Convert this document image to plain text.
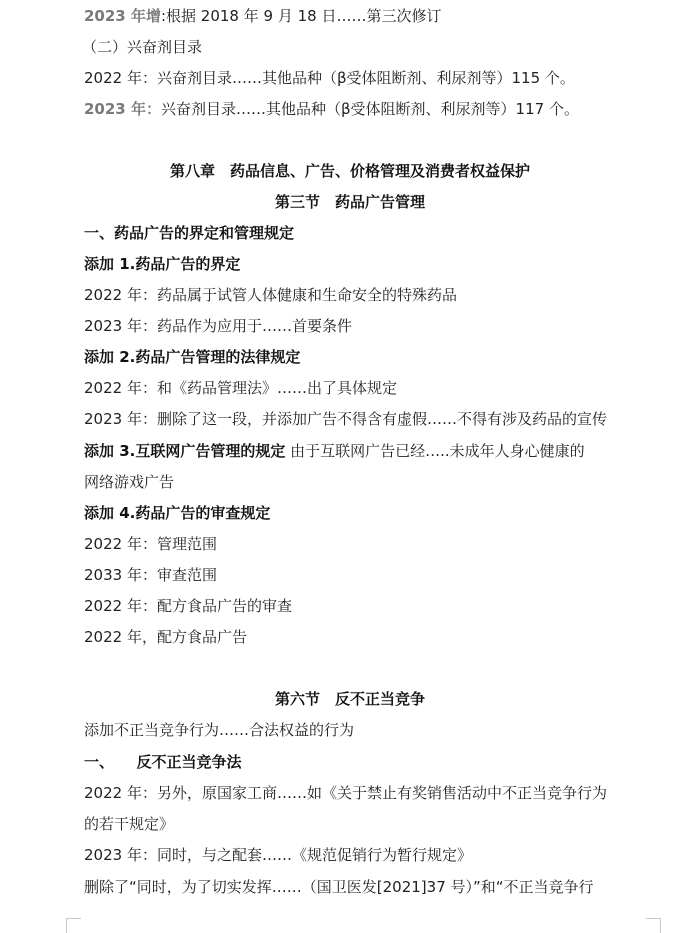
2023 年增:根据 2018 年 9 月 18 日……第三次修订
（二）兴奋剂目录
2022 年：兴奋剂目录……其他品种（β受体阻断剂、利尿剂等）115 个。
2023 年：兴奋剂目录……其他品种（β受体阻断剂、利尿剂等）117 个。
第八章　药品信息、广告、价格管理及消费者权益保护
第三节　药品广告管理
一、药品广告的界定和管理规定
添加 1.药品广告的界定
2022 年：药品属于试管人体健康和生命安全的特殊药品
2023 年：药品作为应用于……首要条件
添加 2.药品广告管理的法律规定
2022 年：和《药品管理法》……出了具体规定
2023 年：删除了这一段，并添加广告不得含有虚假……不得有涉及药品的宣传
添加 3.互联网广告管理的规定 由于互联网广告已经…..未成年人身心健康的
网络游戏广告
添加 4.药品广告的审查规定
2022 年：管理范围
2033 年：审查范围
2022 年：配方食品广告的审查
2022 年，配方食品广告
第六节　反不正当竞争
添加不正当竞争行为……合法权益的行为
一、　　反不正当竞争法
2022 年：另外，原国家工商……如《关于禁止有奖销售活动中不正当竞争行为
的若干规定》
2023 年：同时，与之配套……《规范促销行为暂行规定》
删除了“同时，为了切实发挥……（国卫医发[2021]37 号）”和“不正当竞争行
